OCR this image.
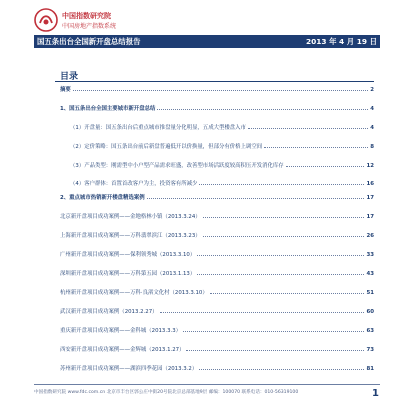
中国指数研究院
中国房地产指数系统
国五条出台全国新开盘总结报告	2013 年 4 月 19 日
目录
摘要	2
1、国五条出台全国主要城市新开盘总结	4
（1）开盘量：国五条出台后重点城市推盘量分化明显，五成大型楼盘入市	4
（2）定价策略：国五条出台前后新盘普遍低开以价换量，但部分有价格上调空间	8
（3）产品类型：刚需型中小户型产品需求旺盛，改善型市场活跃度较高积压开发消化库存	12
（4）客户群体：首置首改客户为主，投资客有所减少	16
2、重点城市热销新开楼盘精选案例	17
北京新开盘项目成功案例——金地格林小镇（2013.3.24）	17
上海新开盘项目成功案例——万科翡翠滨江（2013.3.23）	26
广州新开盘项目成功案例——保利领秀城（2013.3.10）	33
深圳新开盘项目成功案例——万科第五园（2013.1.13）	43
杭州新开盘项目成功案例——万科·良渚文化村（2013.3.10）	51
武汉新开盘项目成功案例（2013.2.27）	60
重庆新开盘项目成功案例——金科城（2013.3.3）	63
西安新开盘项目成功案例——金辉城（2013.1.27）	73
苏州新开盘项目成功案例——湖滨四季花园（2013.3.2）	81
中国指数研究院 www.fdc.com.cn 北京市丰台区郭公庄中街20号院北京总部基地9层 邮编：100070 联系电话：010-56319100	1
